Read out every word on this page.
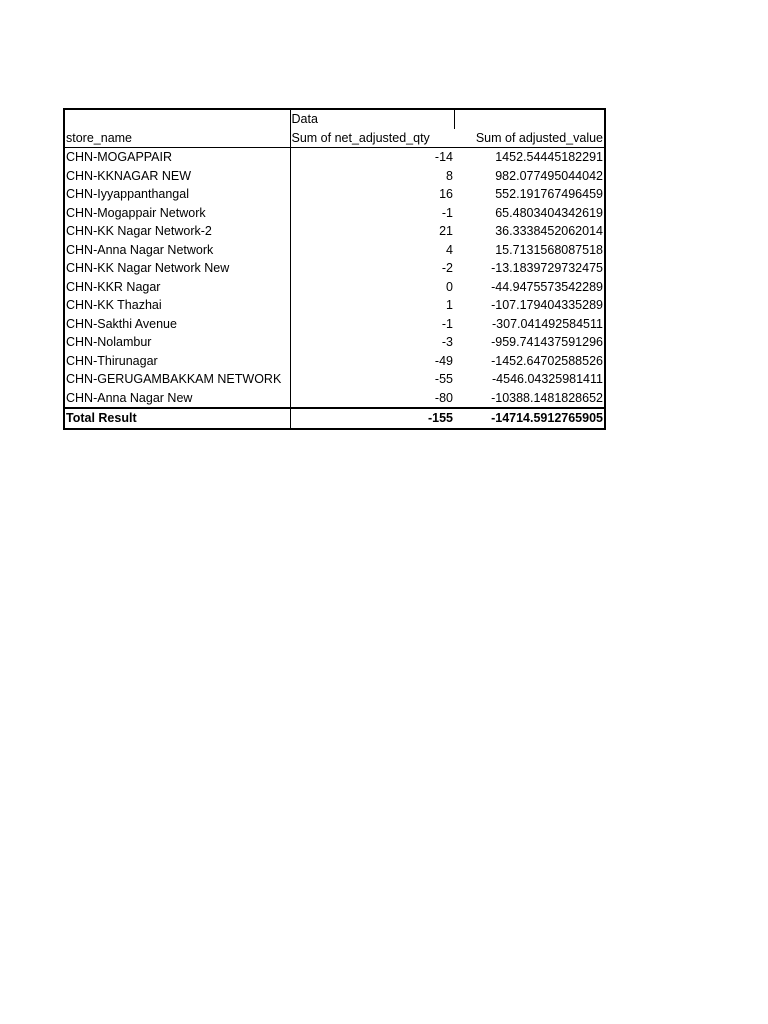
	Data	
store_name	Sum of net_adjusted_qty	Sum of adjusted_value
CHN-MOGAPPAIR	-14	1452.54445182291
CHN-KKNAGAR NEW	8	982.077495044042
CHN-Iyyappanthangal	16	552.191767496459
CHN-Mogappair Network	-1	65.4803404342619
CHN-KK Nagar Network-2	21	36.3338452062014
CHN-Anna Nagar Network	4	15.7131568087518
CHN-KK Nagar Network New	-2	-13.1839729732475
CHN-KKR Nagar	0	-44.9475573542289
CHN-KK Thazhai	1	-107.179404335289
CHN-Sakthi Avenue	-1	-307.041492584511
CHN-Nolambur	-3	-959.741437591296
CHN-Thirunagar	-49	-1452.64702588526
CHN-GERUGAMBAKKAM NETWORK	-55	-4546.04325981411
CHN-Anna Nagar New	-80	-10388.1481828652
Total Result	-155	-14714.5912765905
